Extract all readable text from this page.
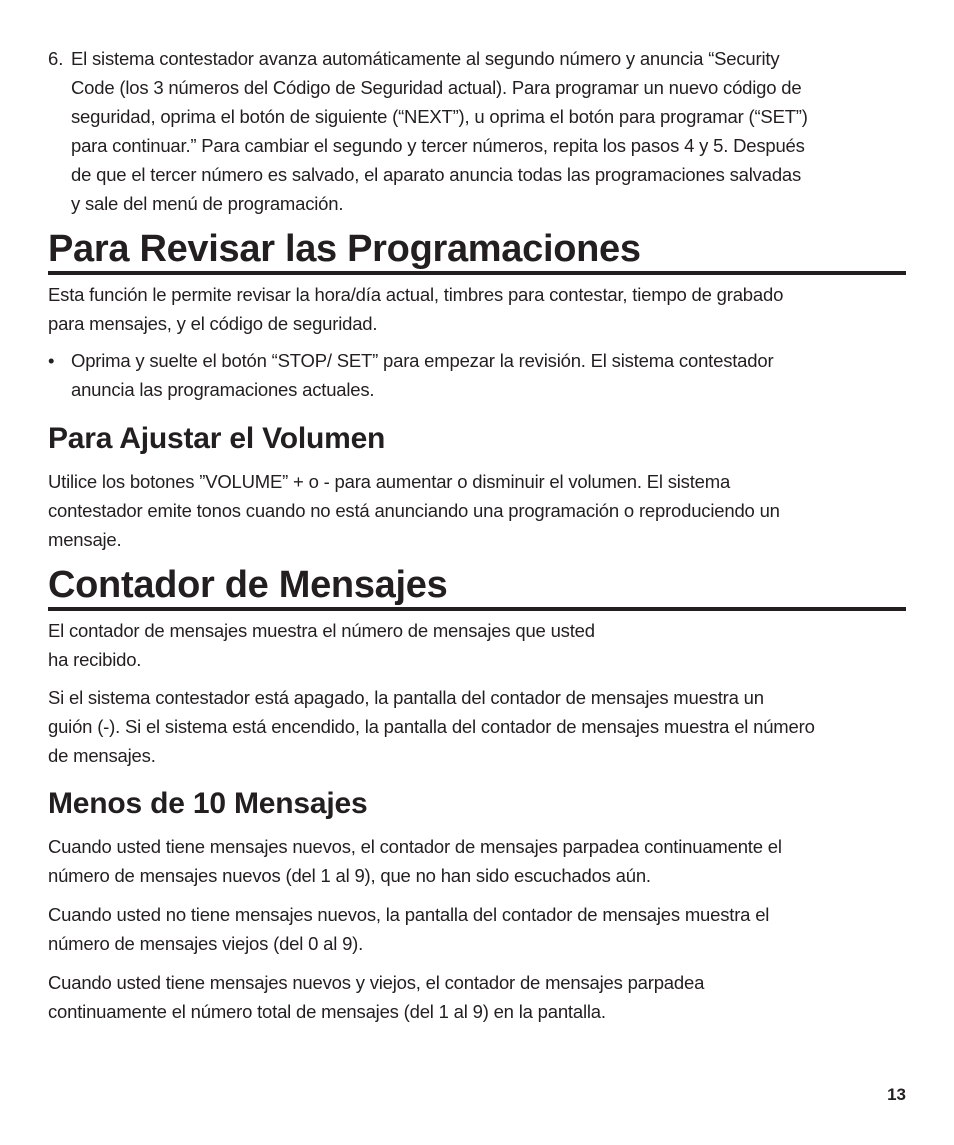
6. El sistema contestador avanza automáticamente al segundo número y anuncia “Security
Code (los 3 números del Código de Seguridad actual). Para programar un nuevo código de
seguridad, oprima el botón de siguiente (“NEXT”), u oprima el botón para programar (“SET”)
para continuar.” Para cambiar el segundo y tercer números, repita los pasos 4 y 5. Después
de que el tercer número es salvado, el aparato anuncia todas las programaciones salvadas
y sale del menú de programación.
Para Revisar las Programaciones
Esta función le permite revisar la hora/día actual, timbres para contestar, tiempo de grabado
para mensajes, y el código de seguridad.
• Oprima y suelte el botón “STOP/ SET” para empezar la revisión. El sistema contestador
anuncia las programaciones actuales.
Para Ajustar el Volumen
Utilice los botones ”VOLUME” + o - para aumentar o disminuir el volumen. El sistema
contestador emite tonos cuando no está anunciando una programación o reproduciendo un
mensaje.
Contador de Mensajes
El contador de mensajes muestra el número de mensajes que usted
ha recibido.
Si el sistema contestador está apagado, la pantalla del contador de mensajes muestra un
guión (-). Si el sistema está encendido, la pantalla del contador de mensajes muestra el número
de mensajes.
Menos de 10 Mensajes
Cuando usted tiene mensajes nuevos, el contador de mensajes parpadea continuamente el
número de mensajes nuevos (del 1 al 9), que no han sido escuchados aún.
Cuando usted no tiene mensajes nuevos, la pantalla del contador de mensajes muestra el
número de mensajes viejos (del 0 al 9).
Cuando usted tiene mensajes nuevos y viejos, el contador de mensajes parpadea
continuamente el número total de mensajes (del 1 al 9) en la pantalla.
13
